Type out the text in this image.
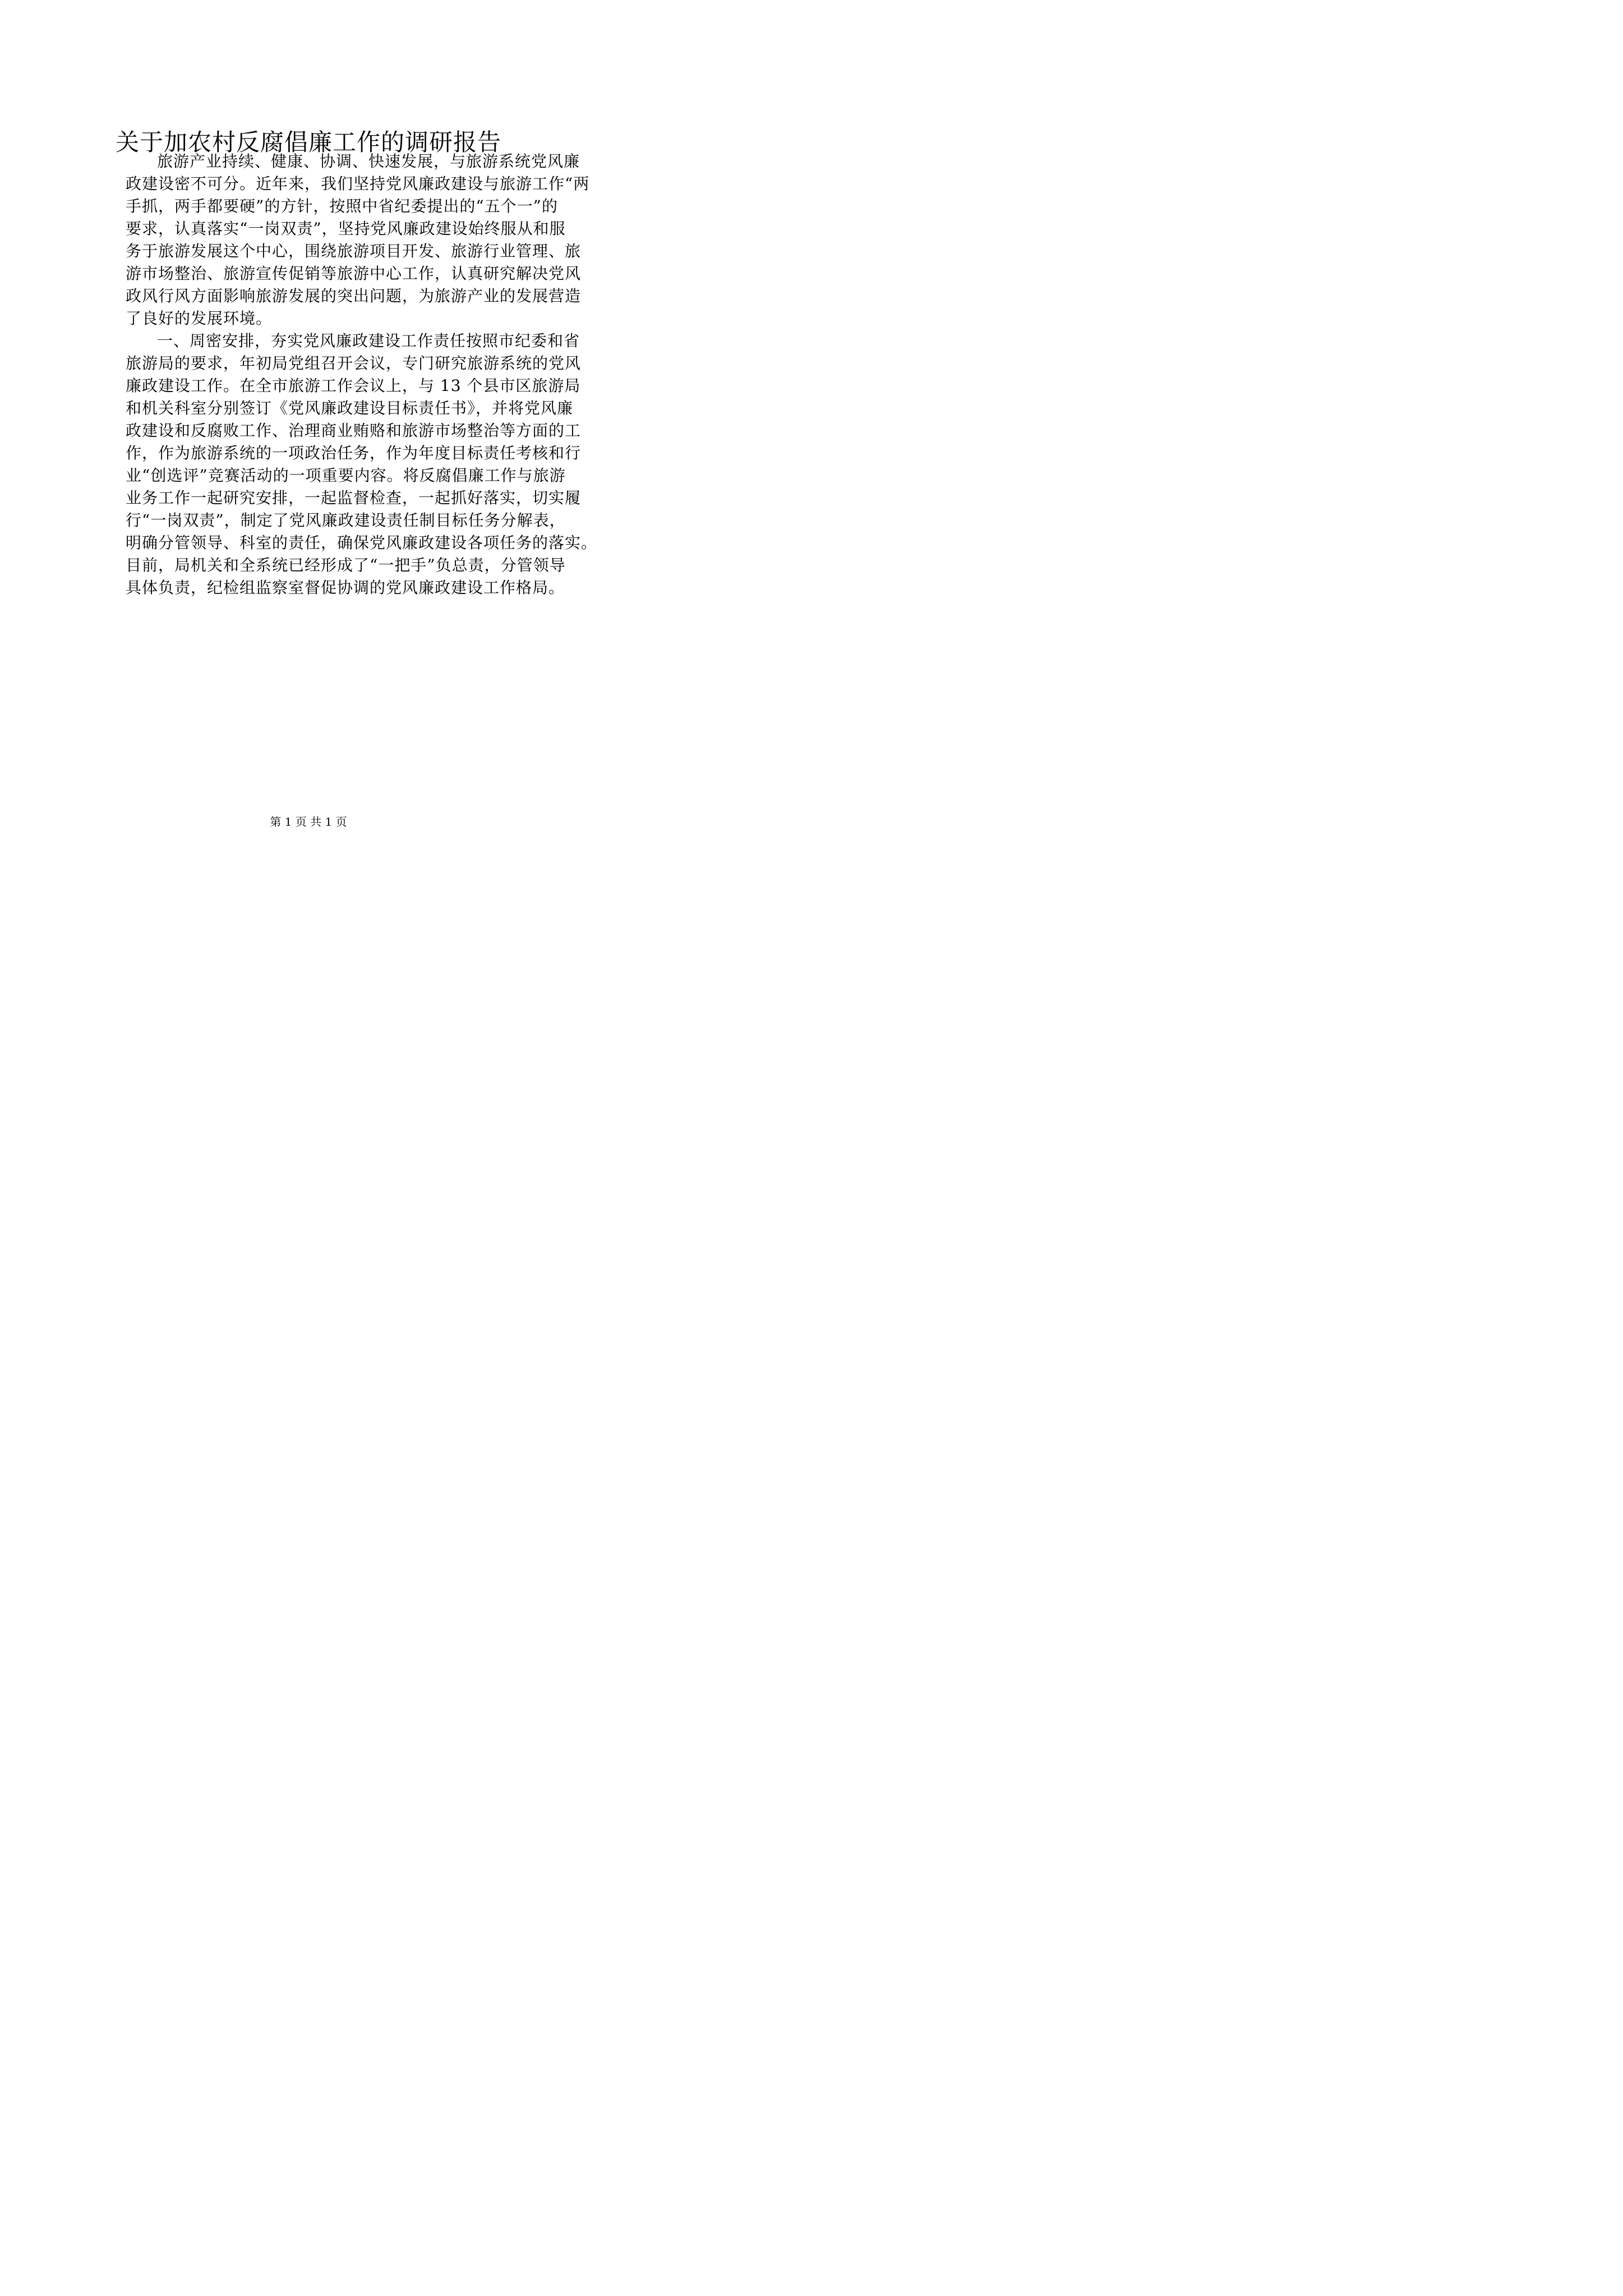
关于加农村反腐倡廉工作的调研报告

旅游产业持续、健康、协调、快速发展，与旅游系统党风廉
政建设密不可分。近年来，我们坚持党风廉政建设与旅游工作“两
手抓，两手都要硬”的方针，按照中省纪委提出的“五个一”的
要求，认真落实“一岗双责”，坚持党风廉政建设始终服从和服
务于旅游发展这个中心，围绕旅游项目开发、旅游行业管理、旅
游市场整治、旅游宣传促销等旅游中心工作，认真研究解决党风
政风行风方面影响旅游发展的突出问题，为旅游产业的发展营造
了良好的发展环境。

一、周密安排，夯实党风廉政建设工作责任按照市纪委和省
旅游局的要求，年初局党组召开会议，专门研究旅游系统的党风
廉政建设工作。在全市旅游工作会议上，与 13 个县市区旅游局
和机关科室分别签订《党风廉政建设目标责任书》，并将党风廉
政建设和反腐败工作、治理商业贿赂和旅游市场整治等方面的工
作，作为旅游系统的一项政治任务，作为年度目标责任考核和行
业“创选评”竞赛活动的一项重要内容。将反腐倡廉工作与旅游
业务工作一起研究安排，一起监督检查，一起抓好落实，切实履
行“一岗双责”，制定了党风廉政建设责任制目标任务分解表，
明确分管领导、科室的责任，确保党风廉政建设各项任务的落实。
目前，局机关和全系统已经形成了“一把手”负总责，分管领导
具体负责，纪检组监察室督促协调的党风廉政建设工作格局。

第 1 页 共 1 页
